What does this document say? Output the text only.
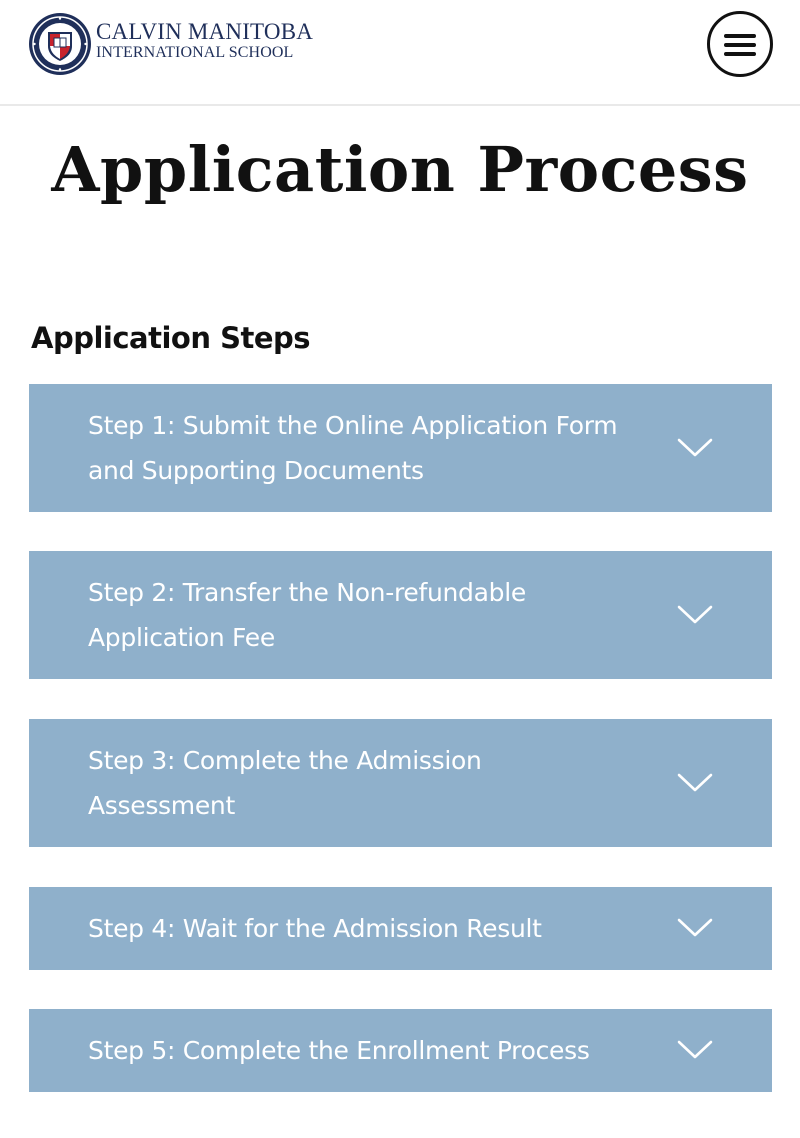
CALVIN MANITOBA
INTERNATIONAL SCHOOL
Application Process
Application Steps
Step 1: Submit the Online Application Form and Supporting Documents
Step 2: Transfer the Non-refundable Application Fee
Step 3: Complete the Admission Assessment
Step 4: Wait for the Admission Result
Step 5: Complete the Enrollment Process
